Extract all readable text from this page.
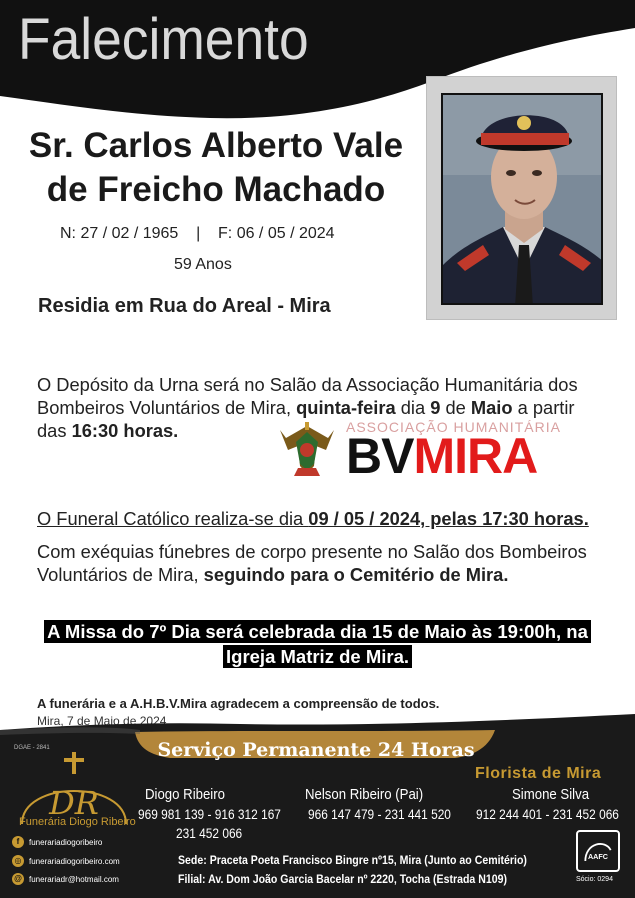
Falecimento
Sr. Carlos Alberto Vale
de Freicho Machado
N: 27 / 02 / 1965    |    F: 06 / 05 / 2024
59 Anos
Residia em Rua do Areal - Mira
O Depósito da Urna será no Salão da Associação Humanitária dos Bombeiros Voluntários de Mira, quinta-feira dia 9 de Maio a partir das 16:30 horas.	ASSOCIAÇÃO HUMANITÁRIA
BVMIRA
O Funeral Católico realiza-se dia 09 / 05 / 2024, pelas 17:30 horas.
Com exéquias fúnebres de corpo presente no Salão dos Bombeiros Voluntários de Mira, seguindo para o Cemitério de Mira.
A Missa do 7º Dia será celebrada dia 15 de Maio às 19:00h, na
Igreja Matriz de Mira.
A funerária e a A.H.B.V.Mira agradecem a compreensão de todos.
Mira, 7 de Maio de 2024.
DGAE - 2841	Serviço Permanente 24 Horas
Florista de Mira
DR
Funerária Diogo Ribeiro
Diogo Ribeiro
969 981 139 - 916 312 167
231 452 066
Nelson Ribeiro (Pai)
966 147 479 - 231 441 520
Simone Silva
912 244 401 - 231 452 066
f	funerariadiogoribeiro
◎ funerariadiogoribeiro.com
@ funerariadr@hotmail.com
Sede: Praceta Poeta Francisco Bingre nº15, Mira (Junto ao Cemitério)
Filial: Av. Dom João Garcia Bacelar nº 2220, Tocha (Estrada N109)
AAFC
Sócio: 0294
